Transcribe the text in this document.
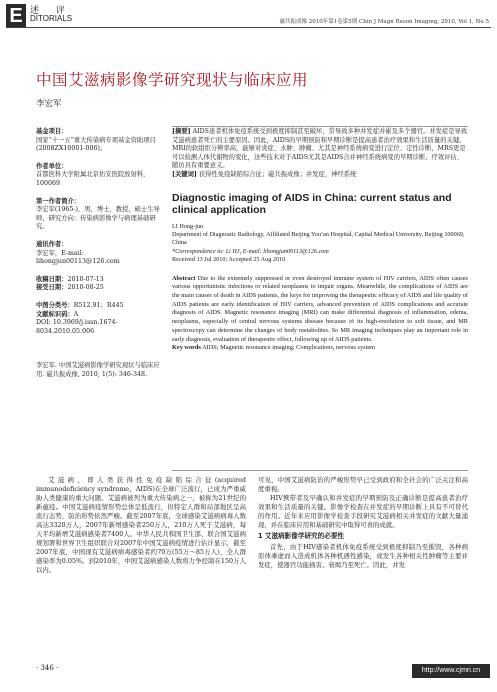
E 述 评
DITORIALS	磁共振成像 2010年第1卷第5期 Chin J Magn Reson Imaging, 2010, Vol 1, No 5
中国艾滋病影像学研究现状与临床应用
李宏军
基金项目：
国家“十一五”重大传染病专项基金资助项目(2008ZX10001-006)。
作者单位：
首都医科大学附属北京佑安医院放射科，100069
第一作者简介：
李宏军(1965-)，男，博士，教授，硕士生导师，研究方向：传染病影像学与病理基础研究。
通讯作者：
李宏军，E-mail: lihongjun00113@126.com
收稿日期：2010-07-13
接受日期：2010-08-25
中图分类号：R512.91；R445
文献标识码：A
DOI: 10.3969/j.issn.1674-8034.2010.05.006
李宏军. 中国艾滋病影像学研究现状与临床应用. 磁共振成像, 2010, 1(5): 346-348.
[摘要] AIDS患者机体免疫系统受到极度抑制甚至破坏，常导致多种并发症并累及多个器官。并发症是导致艾滋病患者死亡的主要原因。因此，AIDS的早期预防和早期诊断是提高患者治疗效果和生活质量的关键。MRI的软组织分辨率高，能够对炎症、水肿、肿瘤、尤其是神经系统病变进行定位、定性诊断，MRS更是可以检测人体代谢物的变化，这些技术对于AIDS尤其是AIDS合并神经系统病变的早期诊断、疗效评估、随访具有重要意义。
[关键词] 获得性免疫缺陷综合征；磁共振成像；并发症，神经系统
Diagnostic imaging of AIDS in China: current status and clinical application
LI Hong-jun
Department of Diagnostic Radiology, Affiliated Beijing You’an Hospital, Capital Medical University, Beijing 100069, China
*Correspondence to: Li HJ, E-mail: lihongjun00113@126.com
Received 13 Jul 2010; Accepted 25 Aug 2010
Abstract Due to the extremely suppressed or even destroyed immune system of HIV carriers, AIDS often causes various opportunistic infections or related neoplasms to impair organs. Meanwhile, the complications of AIDS are the main causes of death in AIDS patients, the keys for improving the therapeutic efficacy of AIDS and life quality of AIDS patients are early identification of HIV carriers, advanced prevention of AIDS complications and accurate diagnosis of AIDS. Magnetic resonance imaging (MRI) can make differential diagnosis of inflammation, edema, neoplasms, especially of central nervous systems disease because of its high-resolution to soft tissue, and MR spectroscopy can determine the changes of body metabolites. So MR imaging techniques play an important role in early diagnosis, evaluation of therapeutic effect, following up of AIDS patients.
Key words AIDS; Magnetic resonance imaging; Complications, nervous system
艾滋病，即人类获得性免疫缺陷综合征(acquired immunodeficiency syndrome，AIDS)在全球广泛流行，已成为严重威胁人类健康的重大问题。艾滋病被列为重大传染病之一，被称为21世纪的新瘟疫。中国艾滋病疫情形势总体呈低流行，但特定人群和局部地区呈高流行态势，防治形势依然严峻。截至2007年底，全球感染艾滋病病毒人数高达3320万人，2007年新增感染者250万人，210万人死于艾滋病，每天平均新增艾滋病感染者7400人。中华人民共和国卫生部、联合国艾滋病规划署和世界卫生组织联合对2007年中国艾滋病疫情进行估计显示，截至2007年底，中国现有艾滋病病毒感染者约70万(55万～85万人)，全人群感染率为0.05%。到2010年，中国艾滋病感染人数将力争控制在150万人以内。
可见，中国艾滋病防治的严峻形势早已受到政府和全社会的广泛关注和高度重视。
HIV携带者及早确认和并发症的早期预防及正确诊断是提高患者治疗效果和生活质量的关键。影像学检查在并发症的早期诊断上具有不可替代的作用。近年来应用影像学检查手段研究艾滋病相关并发症的文献大量涌现，并在临床应用和基础研究中取得可喜的成就。
1 艾滋病影像学研究的必要性
首先，由于HIV感染者机体免疫系统受到极度抑制乃至摧毁，各种病原体乘虚而入造成机体各种机遇性感染，或发生各种相关性肿瘤等主要并发症，使器官功能损害、衰竭乃至死亡。因此，并发
· 346 ·	http://www.cjmri.cn
